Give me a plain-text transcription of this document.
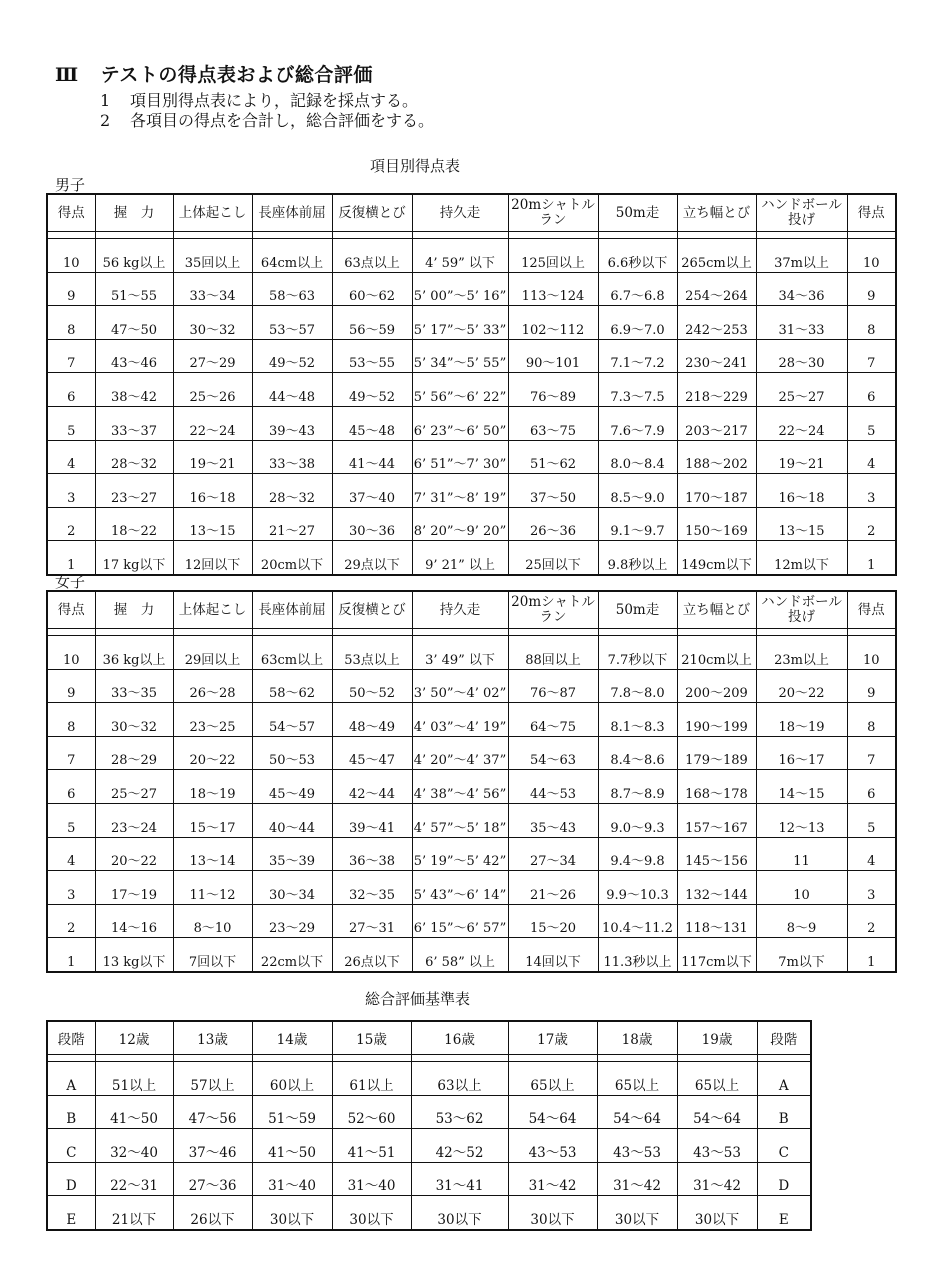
Ⅲ テストの得点表および総合評価
1 項目別得点表により，記録を採点する。
2 各項目の得点を合計し，総合評価をする。
項目別得点表
男子
得点	握　力	上体起こし	長座体前屈	反復横とび	持久走	20mシャトルラン	50m走	立ち幅とび	ハンドボール投げ	得点

10	56 kg以上	35回以上	64cm以上	63点以上	4’ 59” 以下	125回以上	6.6秒以下	265cm以上	37m以上	10
9	51～55	33～34	58～63	60～62	5’ 00”～5’ 16”	113～124	6.7～6.8	254～264	34～36	9
8	47～50	30～32	53～57	56～59	5’ 17”～5’ 33”	102～112	6.9～7.0	242～253	31～33	8
7	43～46	27～29	49～52	53～55	5’ 34”～5’ 55”	90～101	7.1～7.2	230～241	28～30	7
6	38～42	25～26	44～48	49～52	5’ 56”～6’ 22”	76～89	7.3～7.5	218～229	25～27	6
5	33～37	22～24	39～43	45～48	6’ 23”～6’ 50”	63～75	7.6～7.9	203～217	22～24	5
4	28～32	19～21	33～38	41～44	6’ 51”～7’ 30”	51～62	8.0～8.4	188～202	19～21	4
3	23～27	16～18	28～32	37～40	7’ 31”～8’ 19”	37～50	8.5～9.0	170～187	16～18	3
2	18～22	13～15	21～27	30～36	8’ 20”～9’ 20”	26～36	9.1～9.7	150～169	13～15	2
1	17 kg以下	12回以下	20cm以下	29点以下	9’ 21” 以上	25回以下	9.8秒以上	149cm以下	12m以下	1
女子
得点	握　力	上体起こし	長座体前屈	反復横とび	持久走	20mシャトルラン	50m走	立ち幅とび	ハンドボール投げ	得点

10	36 kg以上	29回以上	63cm以上	53点以上	3’ 49” 以下	88回以上	7.7秒以下	210cm以上	23m以上	10
9	33～35	26～28	58～62	50～52	3’ 50”～4’ 02”	76～87	7.8～8.0	200～209	20～22	9
8	30～32	23～25	54～57	48～49	4’ 03”～4’ 19”	64～75	8.1～8.3	190～199	18～19	8
7	28～29	20～22	50～53	45～47	4’ 20”～4’ 37”	54～63	8.4～8.6	179～189	16～17	7
6	25～27	18～19	45～49	42～44	4’ 38”～4’ 56”	44～53	8.7～8.9	168～178	14～15	6
5	23～24	15～17	40～44	39～41	4’ 57”～5’ 18”	35～43	9.0～9.3	157～167	12～13	5
4	20～22	13～14	35～39	36～38	5’ 19”～5’ 42”	27～34	9.4～9.8	145～156	11	4
3	17～19	11～12	30～34	32～35	5’ 43”～6’ 14”	21～26	9.9～10.3	132～144	10	3
2	14～16	8～10	23～29	27～31	6’ 15”～6’ 57”	15～20	10.4～11.2	118～131	8～9	2
1	13 kg以下	7回以下	22cm以下	26点以下	6’ 58” 以上	14回以下	11.3秒以上	117cm以下	7m以下	1
総合評価基準表
段階	12歳	13歳	14歳	15歳	16歳	17歳	18歳	19歳	段階

A	51以上	57以上	60以上	61以上	63以上	65以上	65以上	65以上	A
B	41～50	47～56	51～59	52～60	53～62	54～64	54～64	54～64	B
C	32～40	37～46	41～50	41～51	42～52	43～53	43～53	43～53	C
D	22～31	27～36	31～40	31～40	31～41	31～42	31～42	31～42	D
E	21以下	26以下	30以下	30以下	30以下	30以下	30以下	30以下	E
